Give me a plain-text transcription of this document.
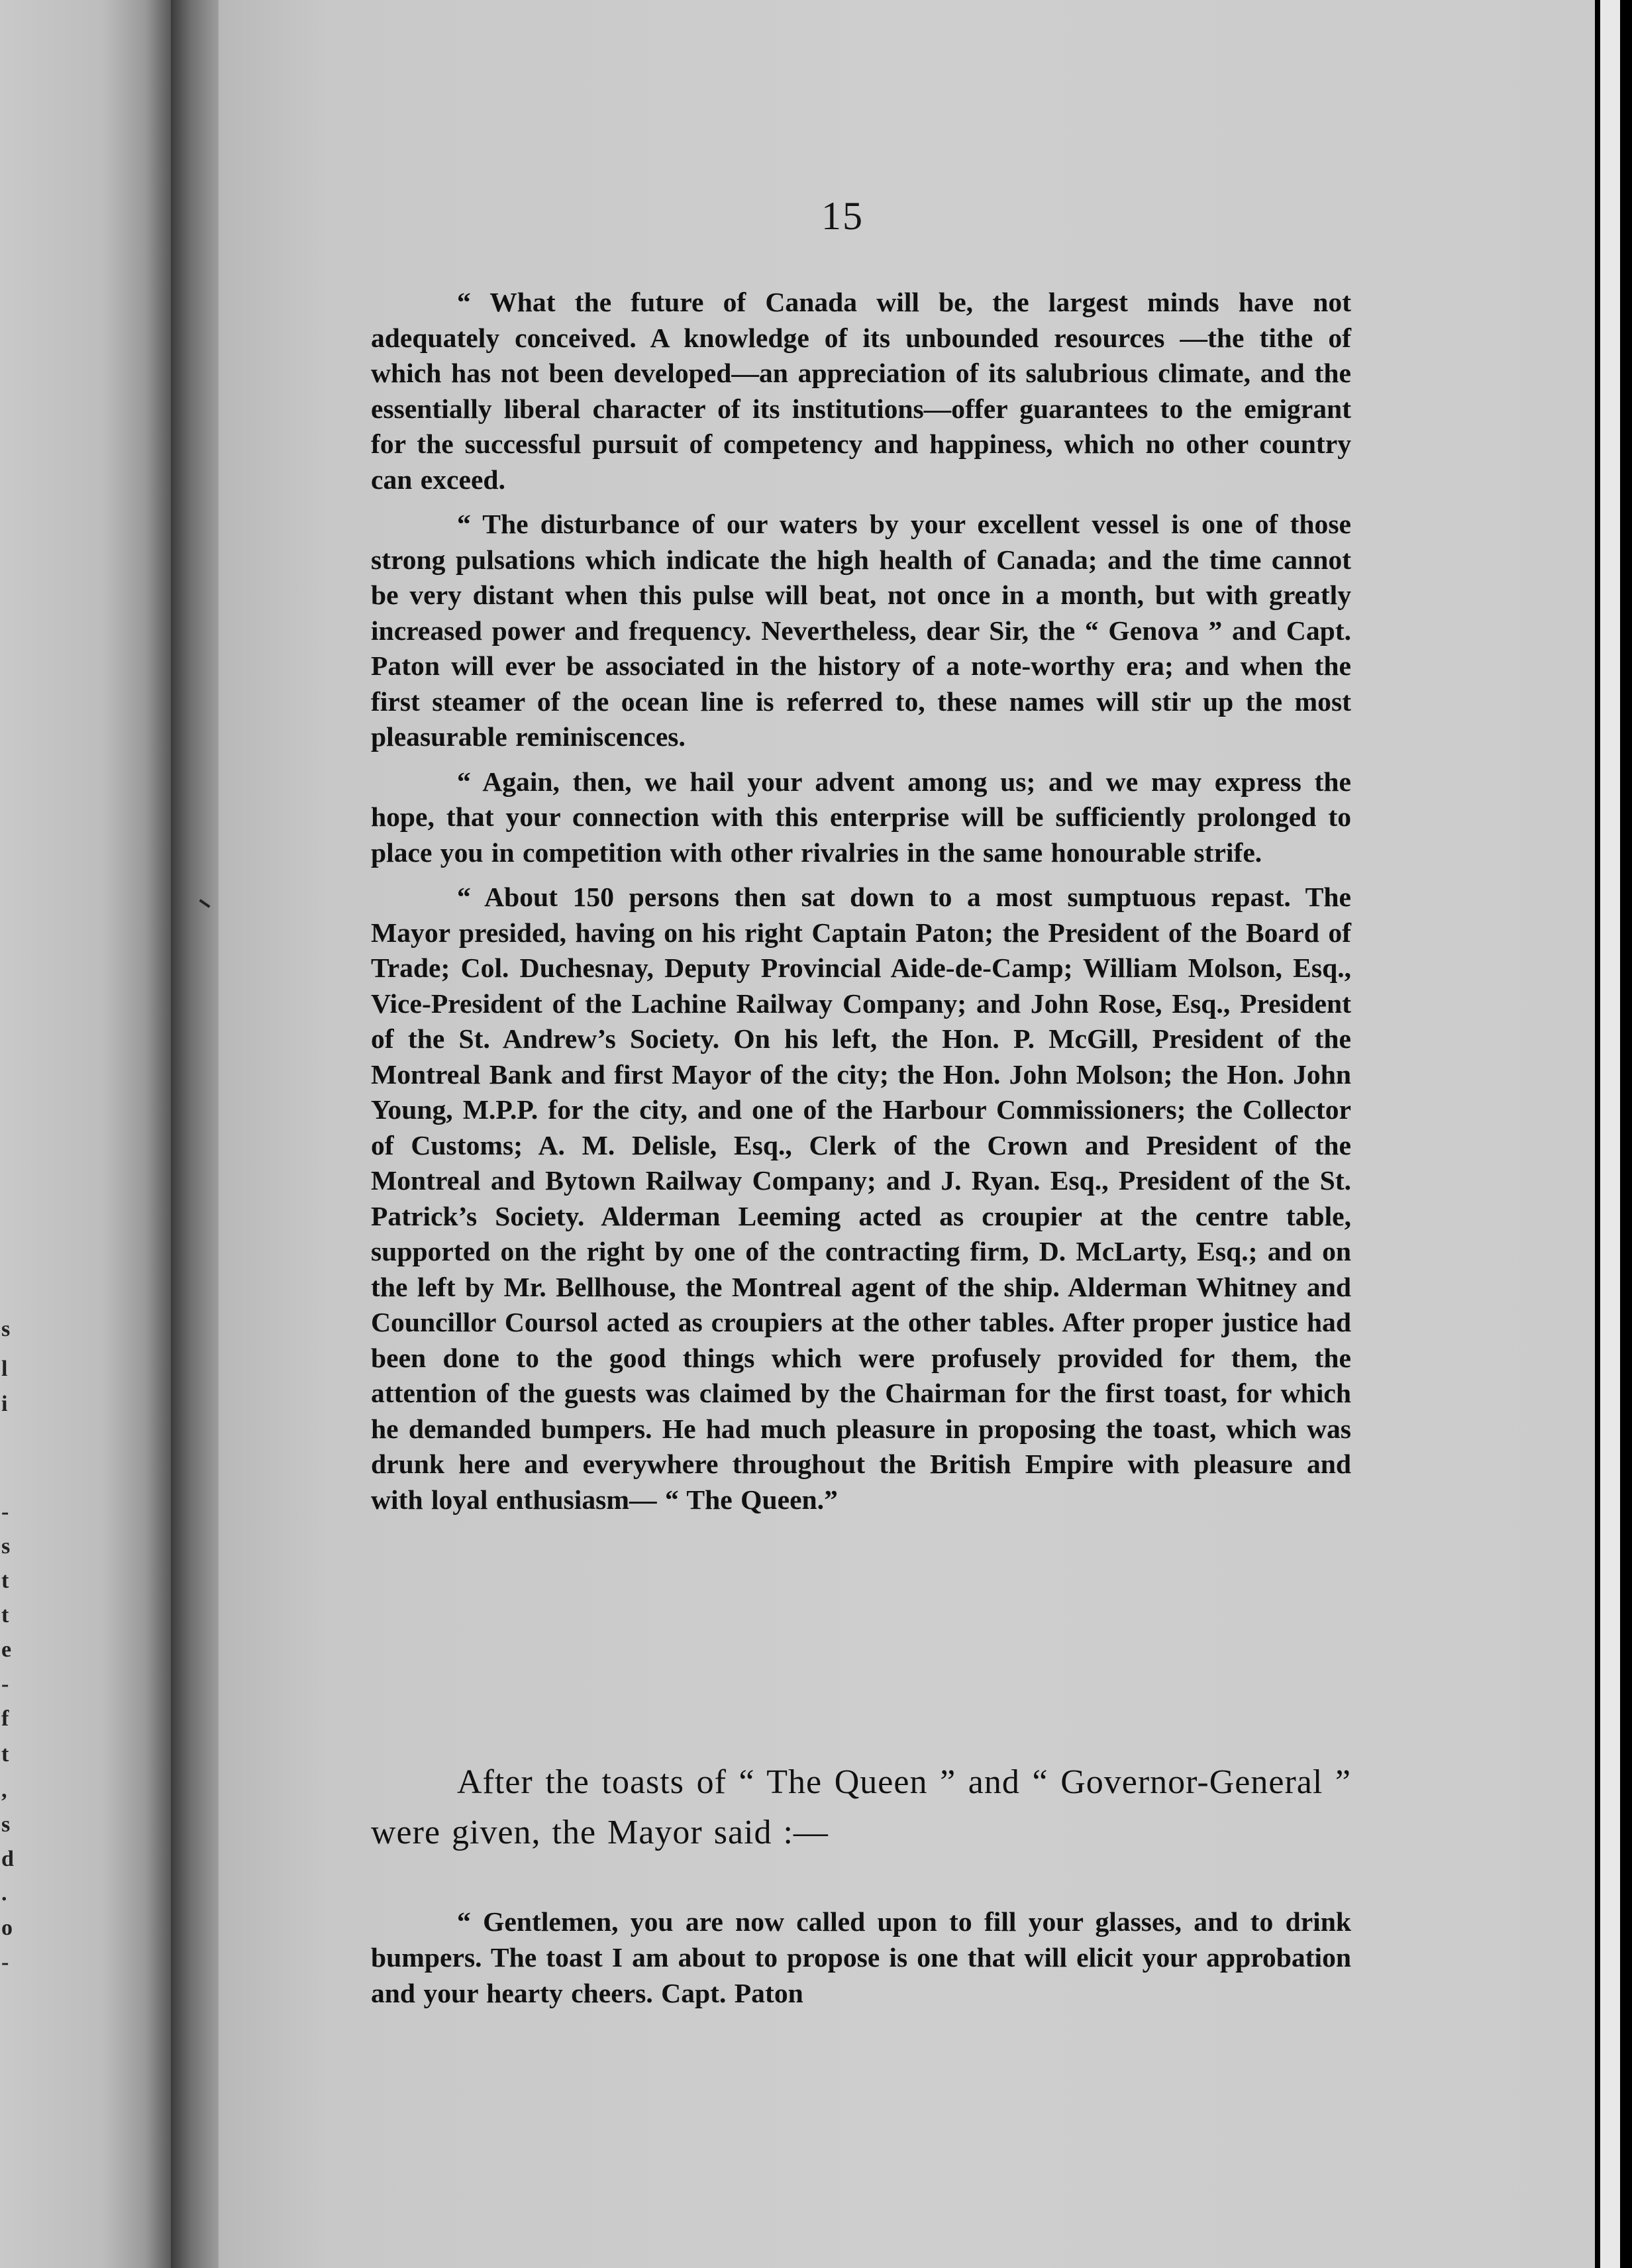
s
l
i
-
s
t
t
e
-
f
t
,
s
d
.
o
-
15

“ What the future of Canada will be, the largest minds have not adequately conceived. A knowledge of its unbounded resources —the tithe of which has not been developed—an appreciation of its salubrious climate, and the essentially liberal character of its institutions—offer guarantees to the emigrant for the successful pursuit of competency and happiness, which no other country can exceed.

“ The disturbance of our waters by your excellent vessel is one of those strong pulsations which indicate the high health of Canada; and the time cannot be very distant when this pulse will beat, not once in a month, but with greatly increased power and frequency. Nevertheless, dear Sir, the “ Genova ” and Capt. Paton will ever be associated in the history of a note-worthy era; and when the first steamer of the ocean line is referred to, these names will stir up the most pleasurable reminiscences.

“ Again, then, we hail your advent among us; and we may express the hope, that your connection with this enterprise will be sufficiently prolonged to place you in competition with other rivalries in the same honourable strife.

“ About 150 persons then sat down to a most sumptuous repast. The Mayor presided, having on his right Captain Paton; the President of the Board of Trade; Col. Duchesnay, Deputy Provincial Aide-de-Camp; William Molson, Esq., Vice-President of the Lachine Railway Company; and John Rose, Esq., President of the St. Andrew’s Society. On his left, the Hon. P. McGill, President of the Montreal Bank and first Mayor of the city; the Hon. John Molson; the Hon. John Young, M.P.P. for the city, and one of the Harbour Commissioners; the Collector of Customs; A. M. Delisle, Esq., Clerk of the Crown and President of the Montreal and Bytown Railway Company; and J. Ryan. Esq., President of the St. Patrick’s Society. Alderman Leeming acted as croupier at the centre table, supported on the right by one of the contracting firm, D. McLarty, Esq.; and on the left by Mr. Bellhouse, the Montreal agent of the ship. Alderman Whitney and Councillor Coursol acted as croupiers at the other tables. After proper justice had been done to the good things which were profusely provided for them, the attention of the guests was claimed by the Chairman for the first toast, for which he demanded bumpers. He had much pleasure in proposing the toast, which was drunk here and everywhere throughout the British Empire with pleasure and with loyal enthusiasm— “ The Queen.”

After the toasts of “ The Queen ” and “ Governor-General ” were given, the Mayor said :—

“ Gentlemen, you are now called upon to fill your glasses, and to drink bumpers. The toast I am about to propose is one that will elicit your approbation and your hearty cheers. Capt. Paton
